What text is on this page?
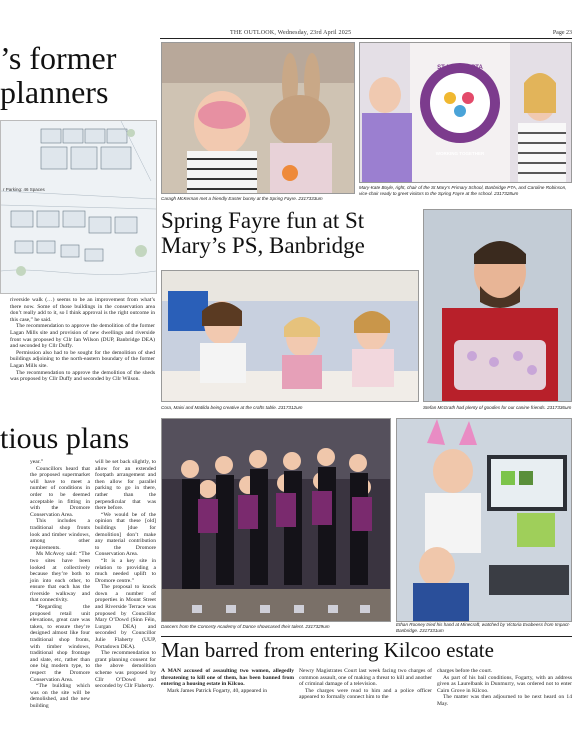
THE OUTLOOK, Wednesday, 23rd April 2025	Page 23
’s former
planners
r Parking: 46 Spaces

riverside walk (…) seems to be an improvement from what’s there now. Some of those buildings in the conservation area don’t really add to it, so I think approval is the right outcome in this case,” he said.

The recommendation to approve the demolition of the former Lagan Mills site and provision of new dwellings and riverside front was proposed by Cllr Ian Wilson (DUP, Banbridge DEA) and seconded by Cllr Duffy.

Permission also had to be sought for the demolition of shed buildings adjoining to the north-eastern boundary of the former Lagan Mills site.

The recommendation to approve the demolition of the sheds was proposed by Cllr Duffy and seconded by Cllr Wilson.

ST MARY’S PTA
WORKING TOGETHER
Caragh McKernan met a friendly Easter bunny at the Spring Fayre. 2317333um
Mary-Kate Boyle, right, chair of the St Mary’s Primary School, Banbridge PTA, and Caroline Robinson, vice-chair ready to greet visitors to the Spring Fayre at the school. 2317328um
Spring Fayre fun at St Mary’s PS, Banbridge
Cora, Maisi and Matilda being creative at the crafts table. 2317312um	Stefan McGrath had plenty of goodies for our canine friends. 2317336um
tious plans

year.”

Councillors heard that the proposed supermarket will have to meet a number of conditions in order to be deemed acceptable in fitting in with the Dromore Conservation Area.

This includes a traditional shop fronts look and timber windows, among other requirements.

Ms McAvoy said: “The two sites have been looked at collectively because they’re both to join into each other, to ensure that each has the riverside walkway and that connectivity.

“Regarding the proposed retail unit elevations, great care was taken, to ensure they’re designed almost like four traditional shop fronts, with timber windows, traditional shop frontage and slate, etc, rather than one big modern type, to respect the Dromore Conservation Area.

“The building which was on the site will be demolished, and the new building

will be set back slightly, to allow for an extended footpath arrangement and then allow for parallel parking to go in there, rather than the perpendicular that was there before.

“We would be of the opinion that these [old] buildings [due for demolition] don’t make any material contribution to the Dromore Conservation Area.

“It is a key site in relation to providing a much needed uplift to Dromore centre.”

The proposal to knock down a number of properties in Mount Street and Riverside Terrace was proposed by Councillor Mary O’Dowd (Sinn Féin, Lurgan DEA) and seconded by Councillor Julie Flaherty (UUP, Portadown DEA).

The recommendation to grant planning consent for the above demolition scheme was proposed by Cllr O’Dowd and seconded by Cllr Flaherty.

Dancers from the Concerty Academy of Dance showcased their talent. 2317329um	Ethan Rooney tried his hand at Minecraft, watched by Victoria Evabeess from Impact-Banbridge. 2317331um
Man barred from entering Kilcoo estate

A MAN accused of assaulting two women, allegedly threatening to kill one of them, has been banned from entering a housing estate in Kilcoo.

Mark James Patrick Fogarty, 40, appeared in

Newry Magistrates Court last week facing two charges of common assault, one of making a threat to kill and another of criminal damage of a television.

The charges were read to him and a police officer appeared to formally connect him to the

charges before the court.

As part of his bail conditions, Fogarty, with an address given as Laurelbank in Dunmurry, was ordered not to enter Cairn Grove in Kilcoo.

The matter was then adjourned to be next heard on 14 May.
